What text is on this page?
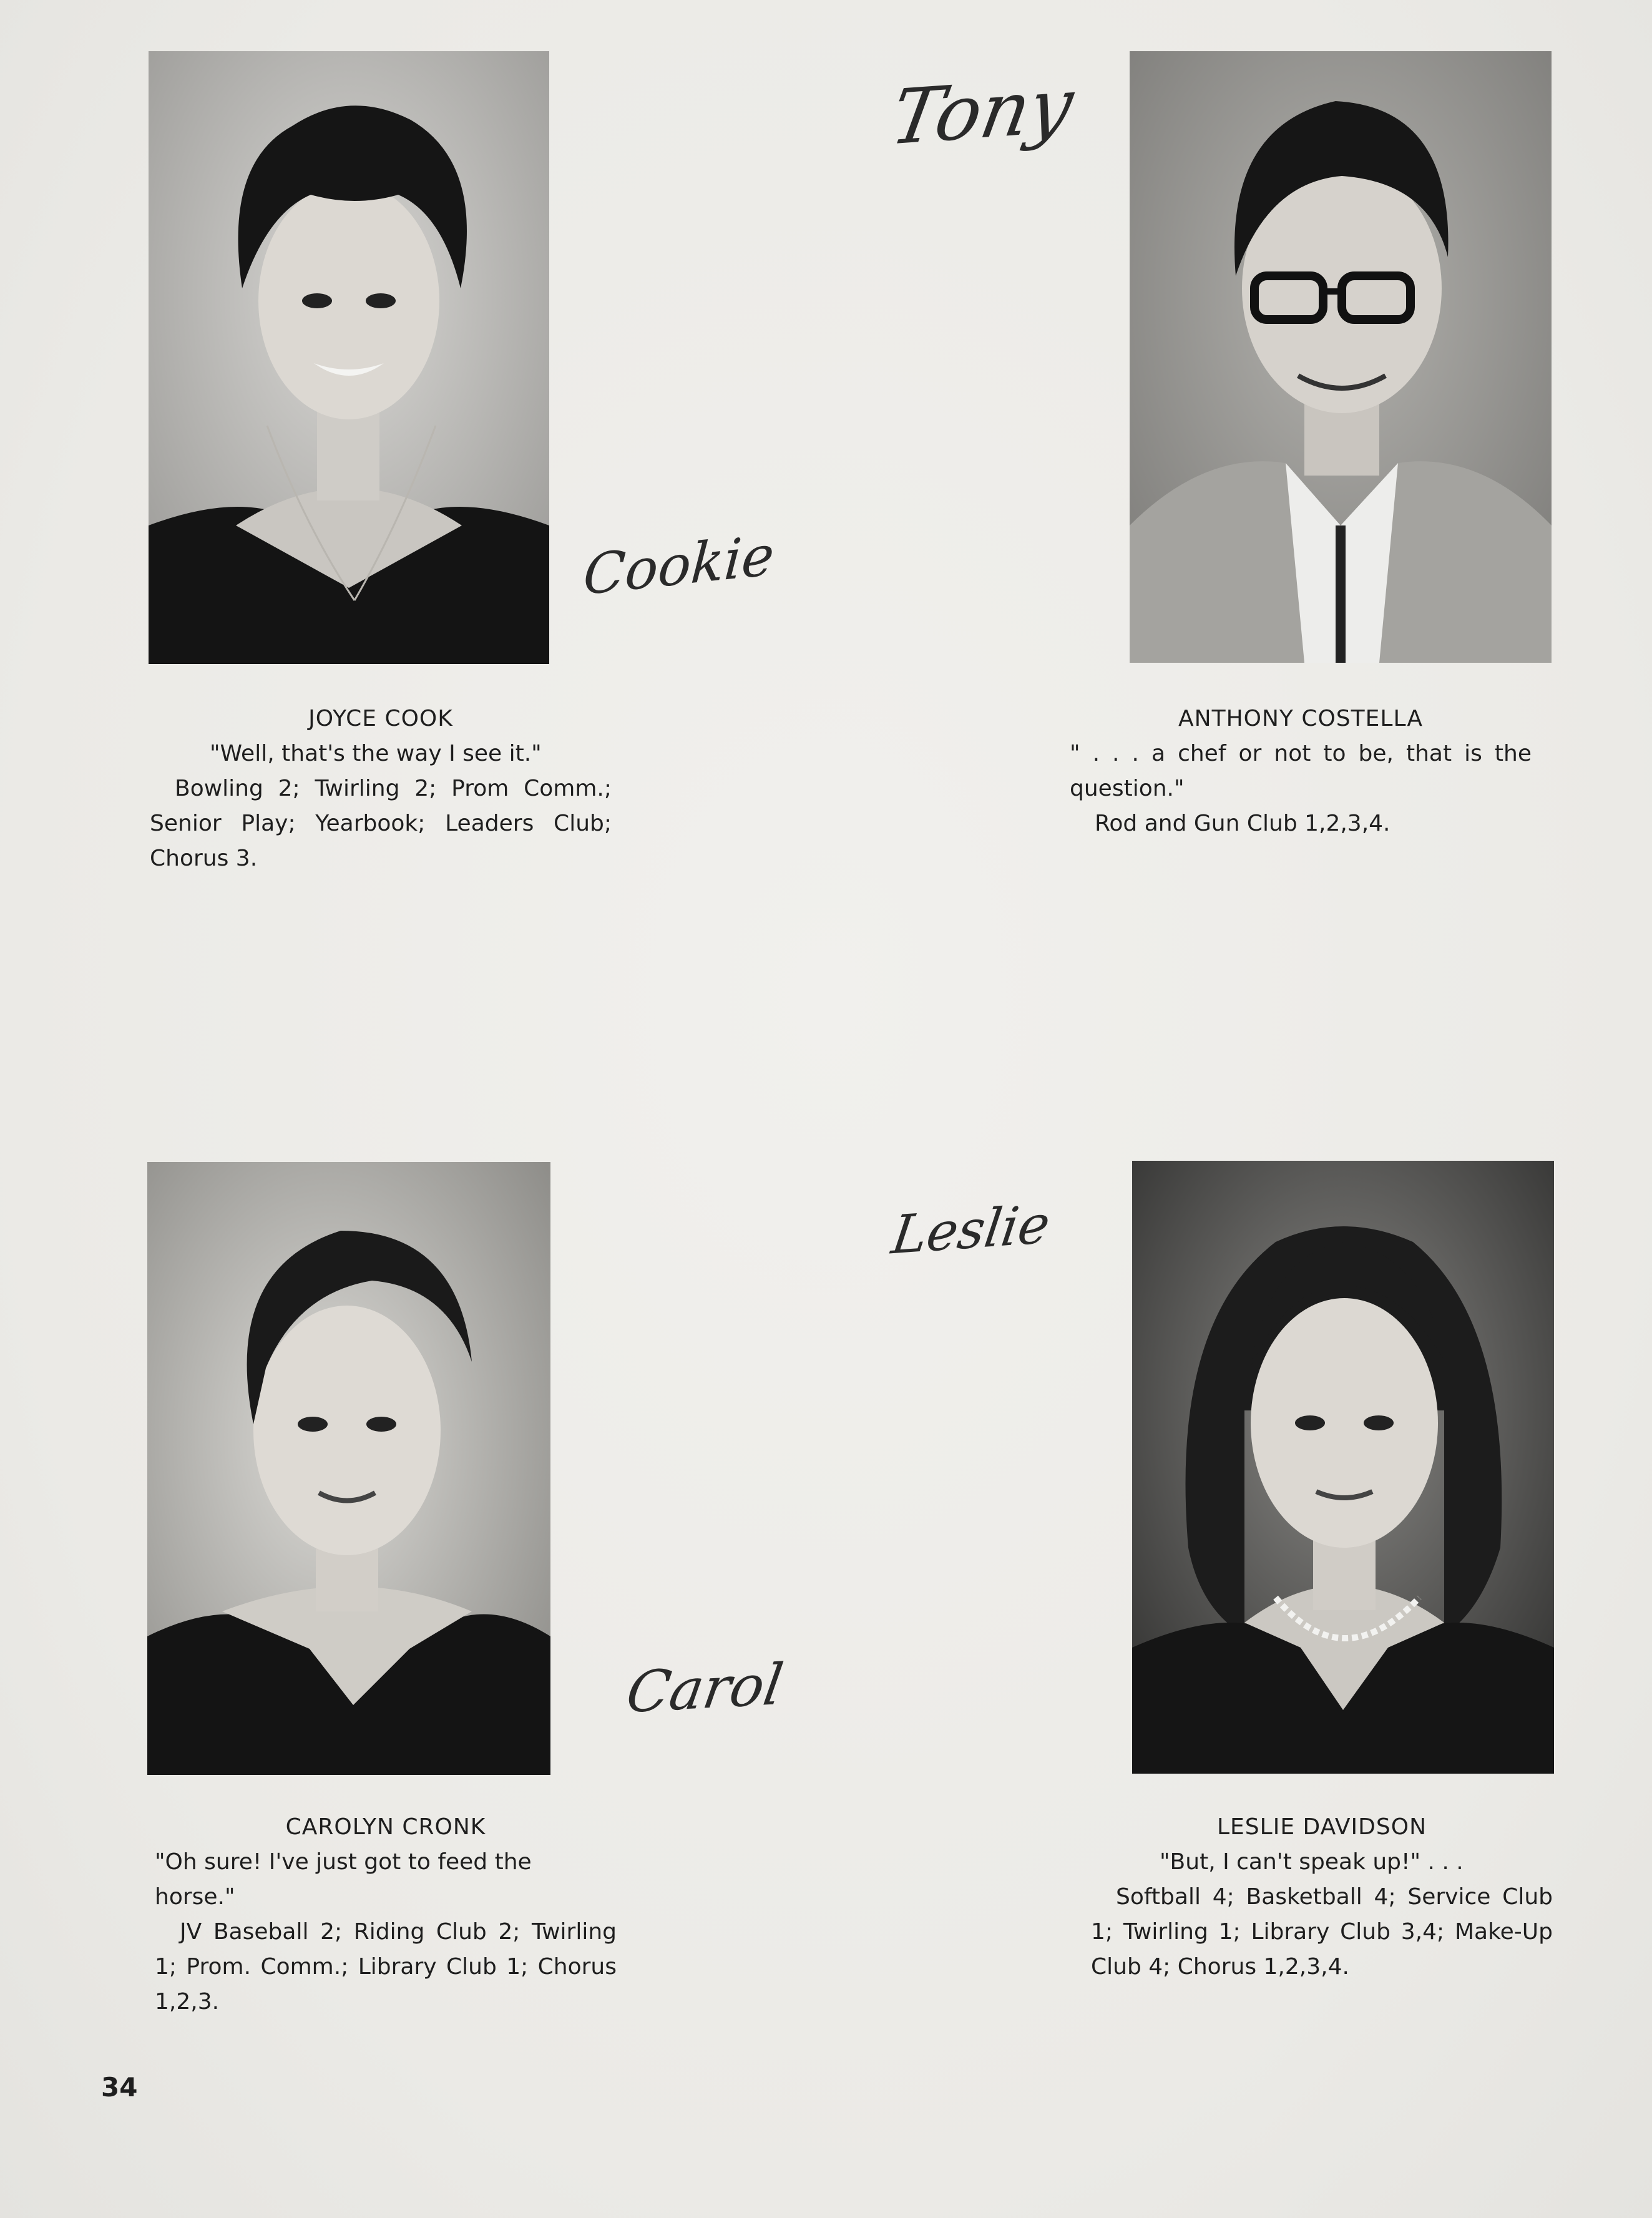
Cookie
Tony
Leslie
Carol
JOYCE COOK
"Well, that's the way I see it."
Bowling 2; Twirling 2; Prom Comm.; Senior Play; Yearbook; Leaders Club; Chorus 3.
ANTHONY COSTELLA
" . . . a chef or not to be, that is the question."
Rod and Gun Club 1,2,3,4.
CAROLYN CRONK
"Oh sure! I've just got to feed the horse."
JV Baseball 2; Riding Club 2; Twirling 1; Prom. Comm.; Library Club 1; Chorus 1,2,3.
LESLIE DAVIDSON
"But, I can't speak up!" . . .
Softball 4; Basketball 4; Service Club 1; Twirling 1; Library Club 3,4; Make-Up Club 4; Chorus 1,2,3,4.
34
